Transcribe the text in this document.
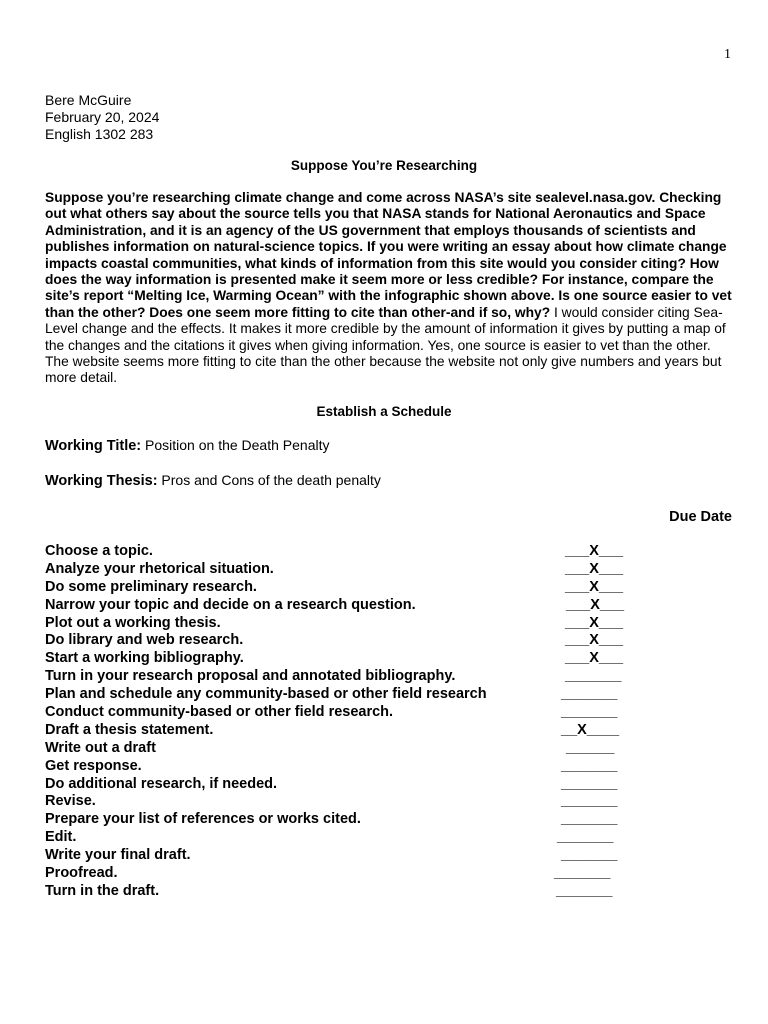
1
Bere McGuire
February 20, 2024
English 1302 283
Suppose You’re Researching
Suppose you’re researching climate change and come across NASA’s site sealevel.nasa.gov. Checking out what others say about the source tells you that NASA stands for National Aeronautics and Space Administration, and it is an agency of the US government that employs thousands of scientists and publishes information on natural-science topics. If you were writing an essay about how climate change impacts coastal communities, what kinds of information from this site would you consider citing? How does the way information is presented make it seem more or less credible? For instance, compare the site’s report “Melting Ice, Warming Ocean” with the infographic shown above. Is one source easier to vet than the other? Does one seem more fitting to cite than other-and if so, why? I would consider citing Sea-Level change and the effects. It makes it more credible by the amount of information it gives by putting a map of the changes and the citations it gives when giving information. Yes, one source is easier to vet than the other. The website seems more fitting to cite than the other because the website not only give numbers and years but more detail.
Establish a Schedule
Working Title: Position on the Death Penalty
Working Thesis: Pros and Cons of the death penalty
Due Date
Choose a topic.	___X___
Analyze your rhetorical situation.	___X___
Do some preliminary research.	___X___
Narrow your topic and decide on a research question.	___X___
Plot out a working thesis.	___X___
Do library and web research.	___X___
Start a working bibliography.	___X___
Turn in your research proposal and annotated bibliography.	_______
Plan and schedule any community-based or other field research	_______
Conduct community-based or other field research.	_______
Draft a thesis statement.	__X____
Write out a draft	______
Get response.	_______
Do additional research, if needed.	_______
Revise.	_______
Prepare your list of references or works cited.	_______
Edit.	_______
Write your final draft.	_______
Proofread.	_______
Turn in the draft.	_______
